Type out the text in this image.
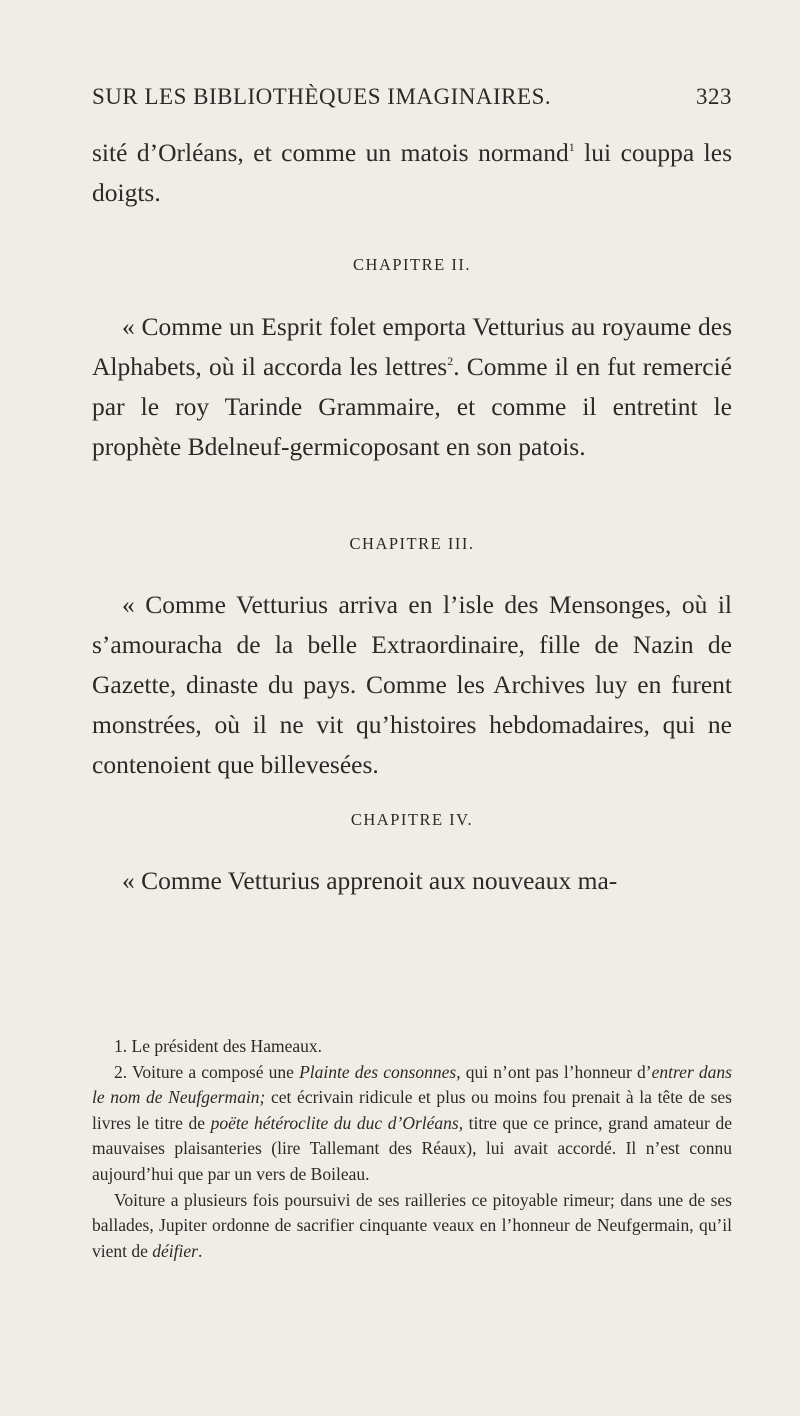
SUR LES BIBLIOTHÈQUES IMAGINAIRES.	323

sité d’Orléans, et comme un matois normand$^1$ lui couppa les doigts.

CHAPITRE II.

« Comme un Esprit folet emporta Vetturius au royaume des Alphabets, où il accorda les lettres$^2$. Comme il en fut remercié par le roy Tarinde Grammaire, et comme il entretint le prophète Bdelneuf-germicoposant en son patois.

CHAPITRE III.

« Comme Vetturius arriva en l’isle des Mensonges, où il s’amouracha de la belle Extraordinaire, fille de Nazin de Gazette, dinaste du pays. Comme les Archives luy en furent monstrées, où il ne vit qu’histoires hebdomadaires, qui ne contenoient que billevesées.

CHAPITRE IV.

« Comme Vetturius apprenoit aux nouveaux ma-

1. Le président des Hameaux.

2. Voiture a composé une Plainte des consonnes, qui n’ont pas l’honneur d’entrer dans le nom de Neufgermain; cet écrivain ridicule et plus ou moins fou prenait à la tête de ses livres le titre de poëte hétéroclite du duc d’Orléans, titre que ce prince, grand amateur de mauvaises plaisanteries (lire Tallemant des Réaux), lui avait accordé. Il n’est connu aujourd’hui que par un vers de Boileau.

Voiture a plusieurs fois poursuivi de ses railleries ce pitoyable rimeur; dans une de ses ballades, Jupiter ordonne de sacrifier cinquante veaux en l’honneur de Neufgermain, qu’il vient de déifier.
